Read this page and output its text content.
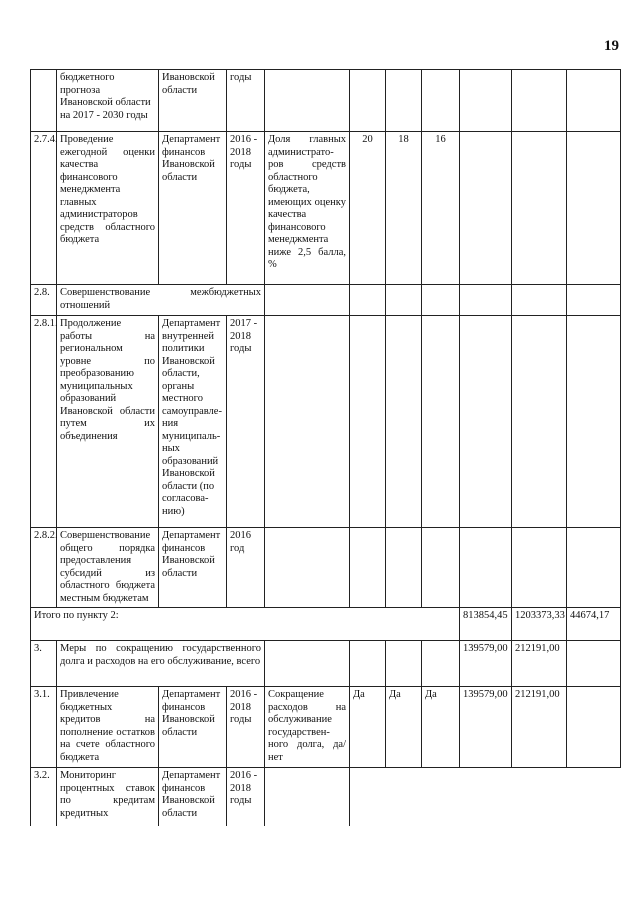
19
	бюджетного прогноза Ивановской области на 2017 - 2030 годы	Ивановской области	годы							
2.7.4.	Проведение ежегодной оценки качества финансового менеджмента главных администраторов средств областного бюджета	Департамент финансов Ивановской области	2016 - 2018 годы	Доля главных администрато-ров средств областного бюджета, имеющих оценку качества финансового менеджмента ниже 2,5 балла, %	20	18	16			
2.8.	Совершенствование межбюджетных отношений									
2.8.1.	Продолжение работы на региональном уровне по преобразованию муниципальных образований Ивановской области путем их объединения	Департамент внутренней политики Ивановской области, органы местного самоуправле-ния муниципаль-ных образований Ивановской области (по согласова-нию)	2017 - 2018 годы							
2.8.2.	Совершенствование общего порядка предоставления субсидий из областного бюджета местным бюджетам	Департамент финансов Ивановской области	2016 год							
Итого по пункту 2:								813854,45	1203373,33	44674,17
3.	Меры по сокращению государственного долга и расходов на его обслуживание, всего							139579,00	212191,00	
3.1.	Привлечение бюджетных кредитов на пополнение остатков на счете областного бюджета	Департамент финансов Ивановской области	2016 - 2018 годы	Сокращение расходов на обслуживание государствен-ного долга, да/нет	Да	Да	Да	139579,00	212191,00	
3.2.	Мониторинг процентных ставок по кредитам кредитных	Департамент финансов Ивановской области	2016 - 2018 годы							
